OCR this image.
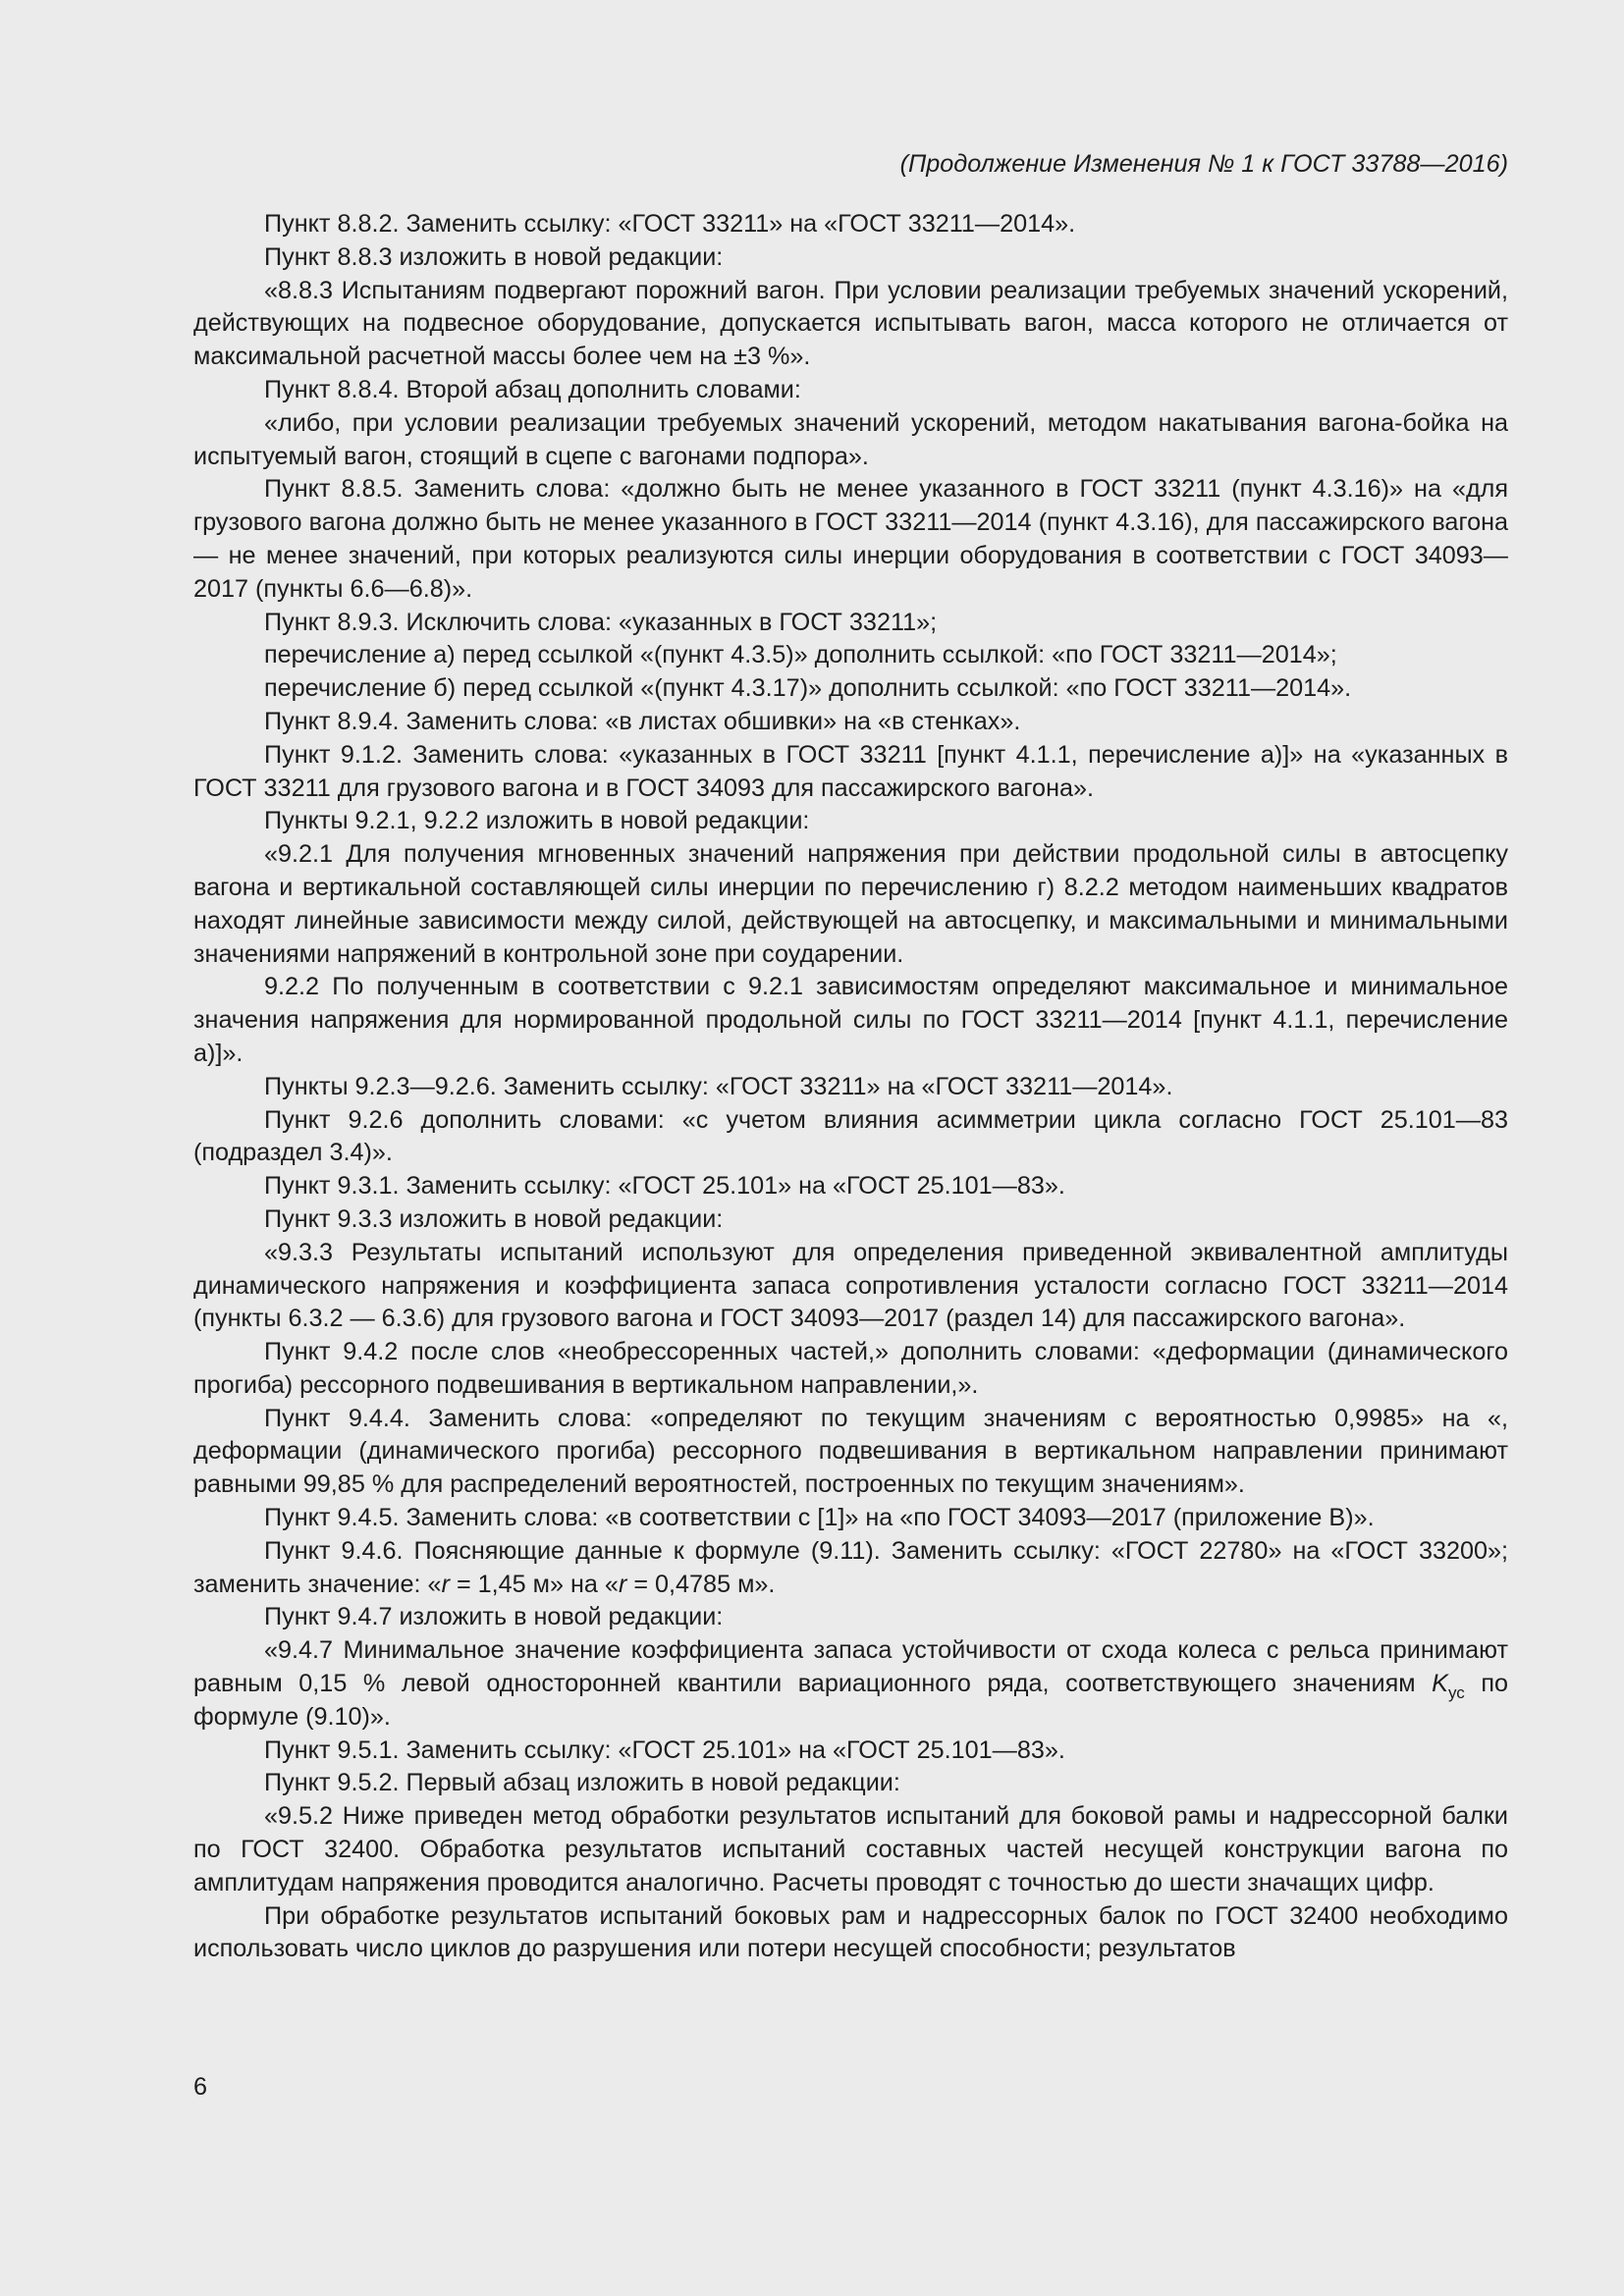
(Продолжение Изменения № 1 к ГОСТ 33788—2016)

Пункт 8.8.2. Заменить ссылку: «ГОСТ 33211» на «ГОСТ 33211—2014».

Пункт 8.8.3 изложить в новой редакции:

«8.8.3 Испытаниям подвергают порожний вагон. При условии реализации требуемых значений ускорений, действующих на подвесное оборудование, допускается испытывать вагон, масса которого не отличается от максимальной расчетной массы более чем на ±3 %».

Пункт 8.8.4. Второй абзац дополнить словами:

«либо, при условии реализации требуемых значений ускорений, методом накатывания вагона-бойка на испытуемый вагон, стоящий в сцепе с вагонами подпора».

Пункт 8.8.5. Заменить слова: «должно быть не менее указанного в ГОСТ 33211 (пункт 4.3.16)» на «для грузового вагона должно быть не менее указанного в ГОСТ 33211—2014 (пункт 4.3.16), для пассажирского вагона — не менее значений, при которых реализуются силы инерции оборудования в соответствии с ГОСТ 34093—2017 (пункты 6.6—6.8)».

Пункт 8.9.3. Исключить слова: «указанных в ГОСТ 33211»;

перечисление а) перед ссылкой «(пункт 4.3.5)» дополнить ссылкой: «по ГОСТ 33211—2014»;

перечисление б) перед ссылкой «(пункт 4.3.17)» дополнить ссылкой: «по ГОСТ 33211—2014».

Пункт 8.9.4. Заменить слова: «в листах обшивки» на «в стенках».

Пункт 9.1.2. Заменить слова: «указанных в ГОСТ 33211 [пункт 4.1.1, перечисление а)]» на «указанных в ГОСТ 33211 для грузового вагона и в ГОСТ 34093 для пассажирского вагона».

Пункты 9.2.1, 9.2.2 изложить в новой редакции:

«9.2.1 Для получения мгновенных значений напряжения при действии продольной силы в автосцепку вагона и вертикальной составляющей силы инерции по перечислению г) 8.2.2 методом наименьших квадратов находят линейные зависимости между силой, действующей на автосцепку, и максимальными и минимальными значениями напряжений в контрольной зоне при соударении.

9.2.2 По полученным в соответствии с 9.2.1 зависимостям определяют максимальное и минимальное значения напряжения для нормированной продольной силы по ГОСТ 33211—2014 [пункт 4.1.1, перечисление а)]».

Пункты 9.2.3—9.2.6. Заменить ссылку: «ГОСТ 33211» на «ГОСТ 33211—2014».

Пункт 9.2.6 дополнить словами: «с учетом влияния асимметрии цикла согласно ГОСТ 25.101—83 (подраздел 3.4)».

Пункт 9.3.1. Заменить ссылку: «ГОСТ 25.101» на «ГОСТ 25.101—83».

Пункт 9.3.3 изложить в новой редакции:

«9.3.3 Результаты испытаний используют для определения приведенной эквивалентной амплитуды динамического напряжения и коэффициента запаса сопротивления усталости согласно ГОСТ 33211—2014 (пункты 6.3.2 — 6.3.6) для грузового вагона и ГОСТ 34093—2017 (раздел 14) для пассажирского вагона».

Пункт 9.4.2 после слов «необрессоренных частей,» дополнить словами: «деформации (динамического прогиба) рессорного подвешивания в вертикальном направлении,».

Пункт 9.4.4. Заменить слова: «определяют по текущим значениям с вероятностью 0,9985» на «, деформации (динамического прогиба) рессорного подвешивания в вертикальном направлении принимают равными 99,85 % для распределений вероятностей, построенных по текущим значениям».

Пункт 9.4.5. Заменить слова: «в соответствии с [1]» на «по ГОСТ 34093—2017 (приложение В)».

Пункт 9.4.6. Поясняющие данные к формуле (9.11). Заменить ссылку: «ГОСТ 22780» на «ГОСТ 33200»; заменить значение: «r = 1,45 м» на «r = 0,4785 м».

Пункт 9.4.7 изложить в новой редакции:

«9.4.7 Минимальное значение коэффициента запаса устойчивости от схода колеса с рельса принимают равным 0,15 % левой односторонней квантили вариационного ряда, соответствующего значениям $K_{ус}$ по формуле (9.10)».

Пункт 9.5.1. Заменить ссылку: «ГОСТ 25.101» на «ГОСТ 25.101—83».

Пункт 9.5.2. Первый абзац изложить в новой редакции:

«9.5.2 Ниже приведен метод обработки результатов испытаний для боковой рамы и надрессорной балки по ГОСТ 32400. Обработка результатов испытаний составных частей несущей конструкции вагона по амплитудам напряжения проводится аналогично. Расчеты проводят с точностью до шести значащих цифр.

При обработке результатов испытаний боковых рам и надрессорных балок по ГОСТ 32400 необходимо использовать число циклов до разрушения или потери несущей способности; результатов

6
